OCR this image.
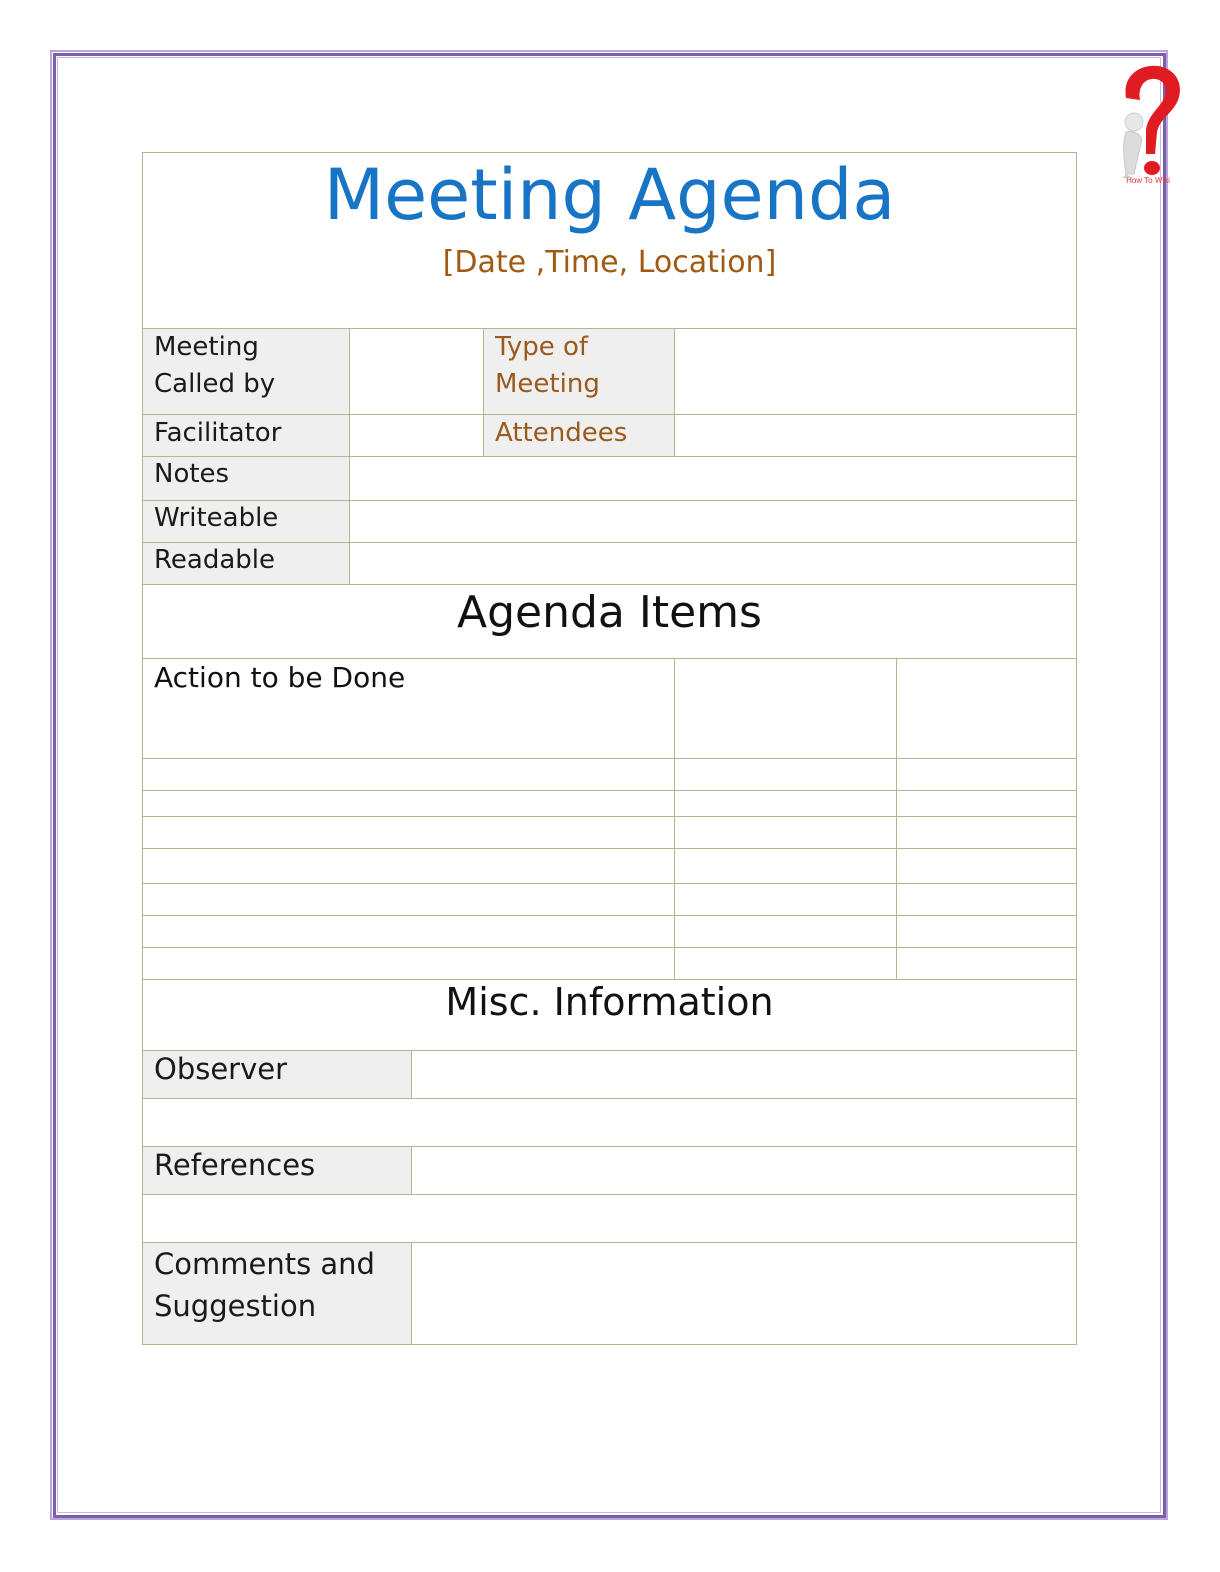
How To Wiki
Meeting Agenda
[Date ,Time, Location]
Meeting Called by
Type of Meeting
Facilitator	Attendees
Notes
Writeable
Readable
Agenda Items
Action to be Done
Misc. Information
Observer
References
Comments and
Suggestion
